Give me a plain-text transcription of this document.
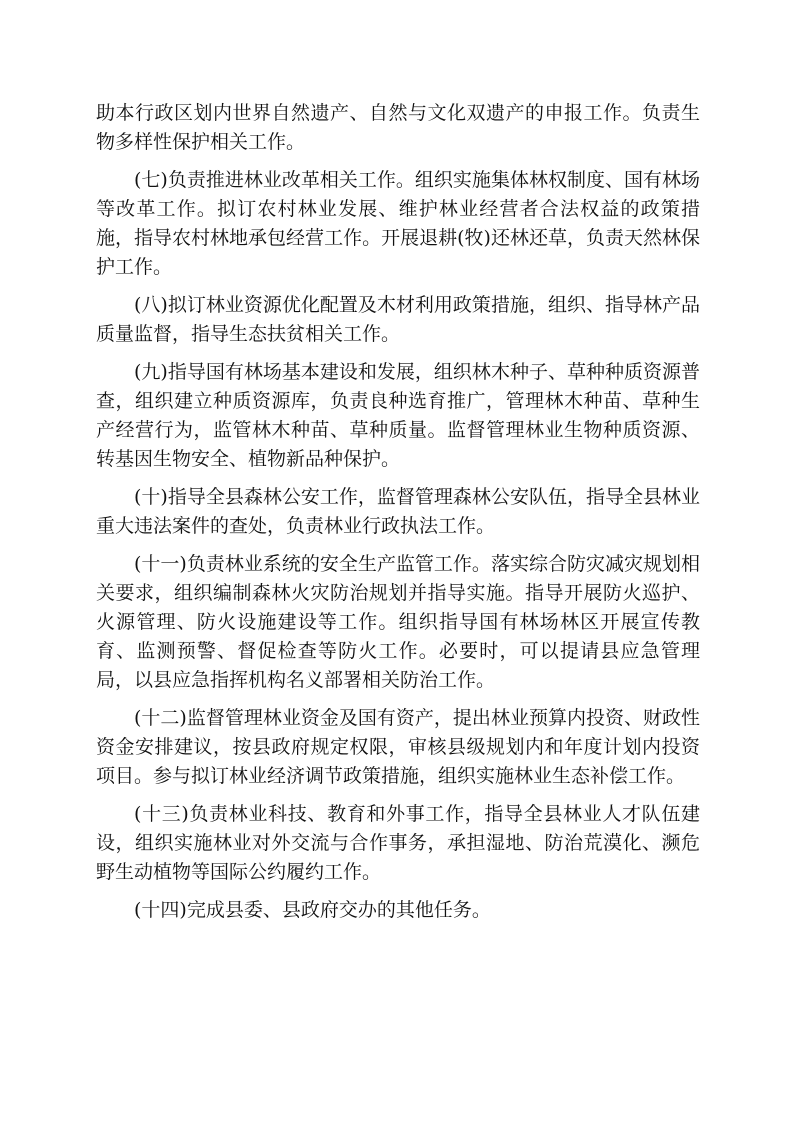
助本行政区划内世界自然遗产、自然与文化双遗产的申报工作。负责生物多样性保护相关工作。

(七)负责推进林业改革相关工作。组织实施集体林权制度、国有林场等改革工作。拟订农村林业发展、维护林业经营者合法权益的政策措施，指导农村林地承包经营工作。开展退耕(牧)还林还草，负责天然林保护工作。

(八)拟订林业资源优化配置及木材利用政策措施，组织、指导林产品质量监督，指导生态扶贫相关工作。

(九)指导国有林场基本建设和发展，组织林木种子、草种种质资源普查，组织建立种质资源库，负责良种选育推广，管理林木种苗、草种生产经营行为，监管林木种苗、草种质量。监督管理林业生物种质资源、转基因生物安全、植物新品种保护。

(十)指导全县森林公安工作，监督管理森林公安队伍，指导全县林业重大违法案件的查处，负责林业行政执法工作。

(十一)负责林业系统的安全生产监管工作。落实综合防灾减灾规划相关要求，组织编制森林火灾防治规划并指导实施。指导开展防火巡护、火源管理、防火设施建设等工作。组织指导国有林场林区开展宣传教育、监测预警、督促检查等防火工作。必要时，可以提请县应急管理局，以县应急指挥机构名义部署相关防治工作。

(十二)监督管理林业资金及国有资产，提出林业预算内投资、财政性资金安排建议，按县政府规定权限，审核县级规划内和年度计划内投资项目。参与拟订林业经济调节政策措施，组织实施林业生态补偿工作。

(十三)负责林业科技、教育和外事工作，指导全县林业人才队伍建设，组织实施林业对外交流与合作事务，承担湿地、防治荒漠化、濒危野生动植物等国际公约履约工作。

(十四)完成县委、县政府交办的其他任务。
